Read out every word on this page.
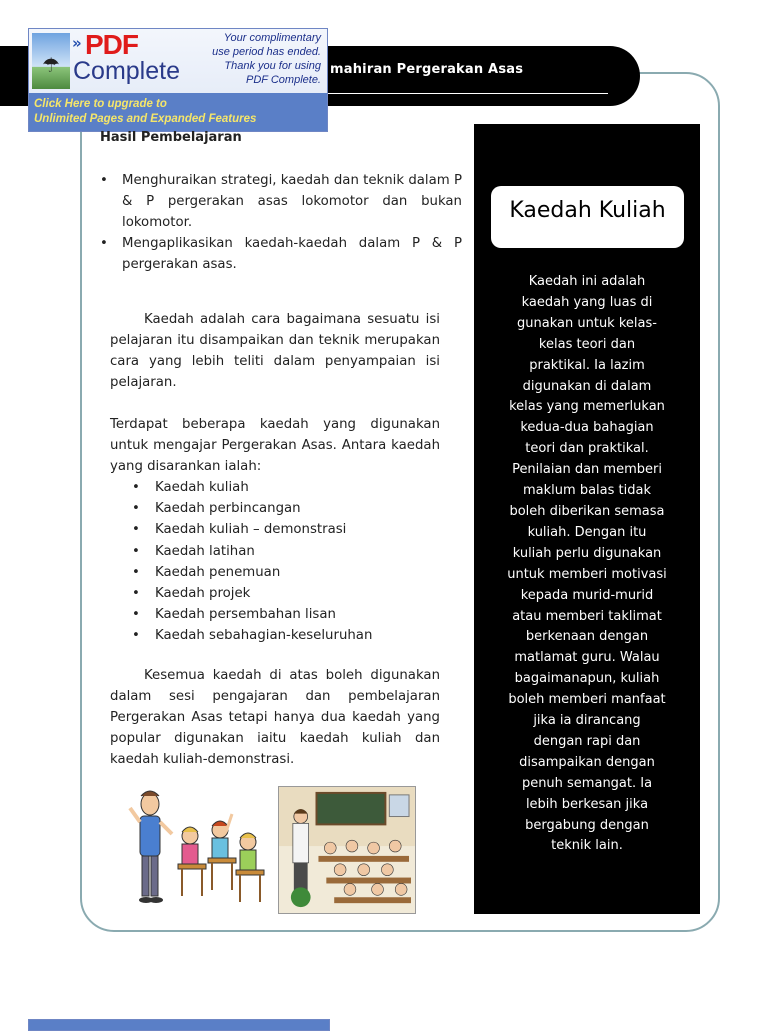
mahiran Pergerakan Asas
☂
» PDF
Complete
Your complimentary
use period has ended.
Thank you for using
PDF Complete.
Click Here to upgrade to
Unlimited Pages and Expanded Features
Hasil Pembelajaran
• Menghuraikan strategi, kaedah dan teknik dalam P & P pergerakan asas lokomotor dan bukan lokomotor.
• Mengaplikasikan kaedah-kaedah dalam P & P pergerakan asas.

Kaedah adalah cara bagaimana sesuatu isi pelajaran itu disampaikan dan teknik merupakan cara yang lebih teliti dalam penyampaian isi pelajaran.

Terdapat beberapa kaedah yang digunakan untuk mengajar Pergerakan Asas. Antara kaedah yang disarankan ialah:

• Kaedah kuliah
• Kaedah perbincangan
• Kaedah kuliah – demonstrasi
• Kaedah latihan
• Kaedah penemuan
• Kaedah projek
• Kaedah persembahan lisan
• Kaedah sebahagian-keseluruhan

Kesemua kaedah di atas boleh digunakan dalam sesi pengajaran dan pembelajaran Pergerakan Asas tetapi hanya dua kaedah yang popular digunakan iaitu kaedah kuliah dan kaedah kuliah-demonstrasi.

Kaedah Kuliah
Kaedah ini adalah
kaedah yang luas di
gunakan untuk kelas-
kelas teori dan
praktikal. Ia lazim
digunakan di dalam
kelas yang memerlukan
kedua-dua bahagian
teori dan praktikal.
Penilaian dan memberi
maklum balas tidak
boleh diberikan semasa
kuliah. Dengan itu
kuliah perlu digunakan
untuk memberi motivasi
kepada murid-murid
atau memberi taklimat
berkenaan dengan
matlamat guru. Walau
bagaimanapun, kuliah
boleh memberi manfaat
jika ia dirancang
dengan rapi dan
disampaikan dengan
penuh semangat. Ia
lebih berkesan jika
bergabung dengan
teknik lain.
